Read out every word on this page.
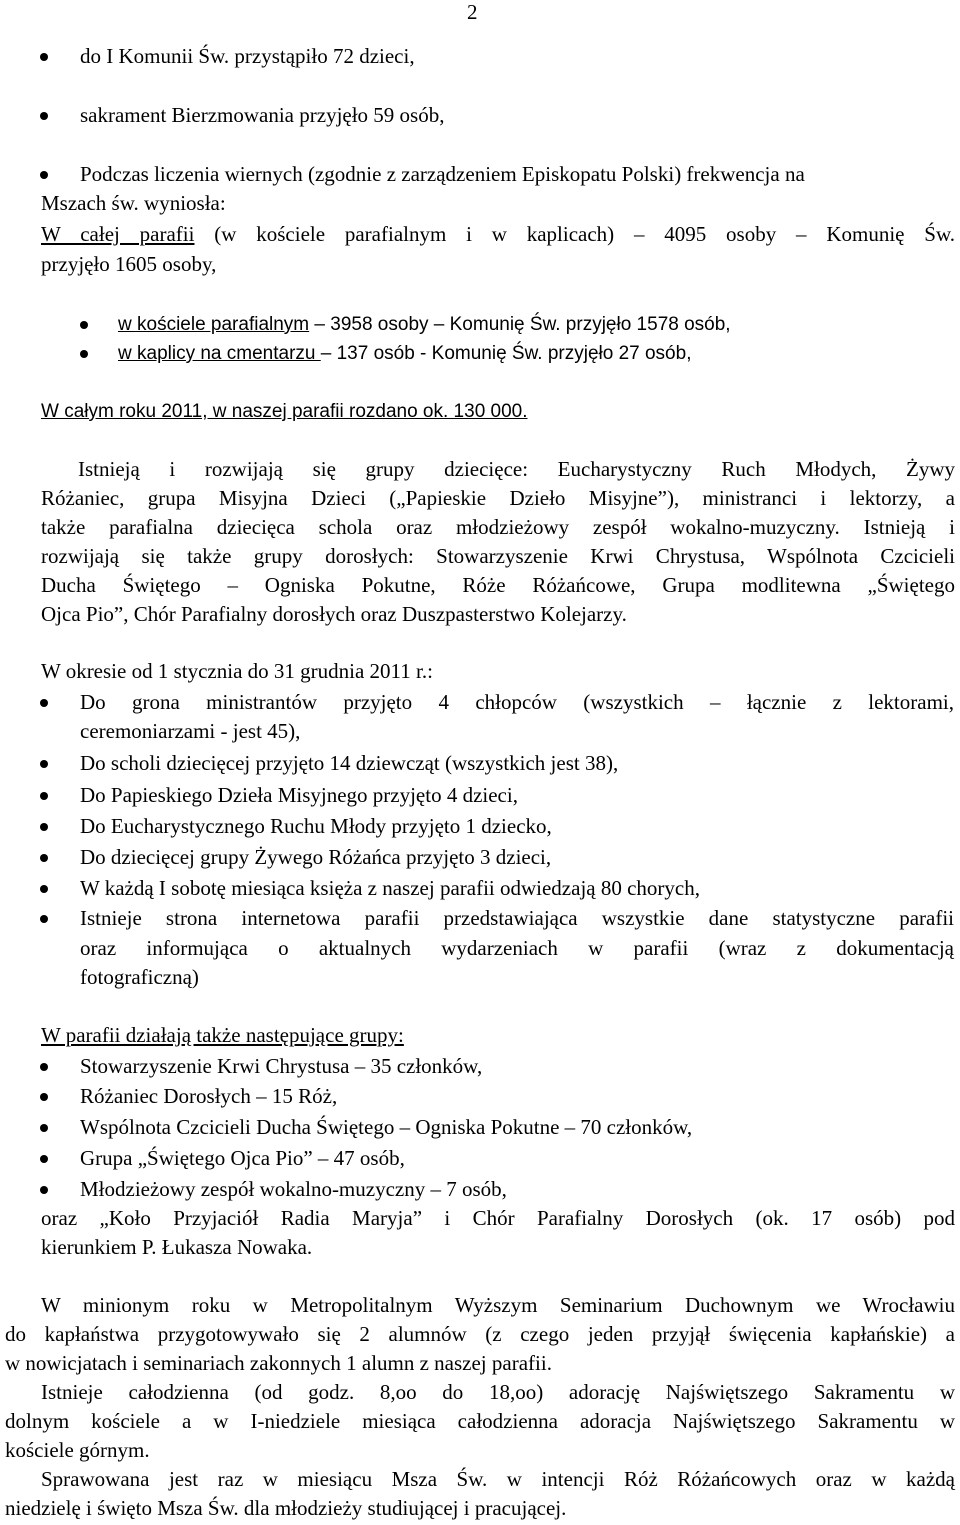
2
do I Komunii Św. przystąpiło 72 dzieci,
sakrament Bierzmowania przyjęło 59 osób,
Podczas liczenia wiernych (zgodnie z zarządzeniem Episkopatu Polski) frekwencja na
Mszach św. wyniosła:
W całej parafii (w kościele parafialnym i w kaplicach) – 4095 osoby – Komunię Św.
przyjęło 1605 osoby,
w kościele parafialnym – 3958 osoby – Komunię Św. przyjęło 1578 osób,
w kaplicy na cmentarzu – 137 osób - Komunię Św. przyjęło 27 osób,
W całym roku 2011, w naszej parafii rozdano ok. 130 000.
Istnieją i rozwijają się grupy dziecięce: Eucharystyczny Ruch Młodych, Żywy
Różaniec, grupa Misyjna Dzieci („Papieskie Dzieło Misyjne”), ministranci i lektorzy, a
także parafialna dziecięca schola oraz młodzieżowy zespół wokalno-muzyczny. Istnieją i
rozwijają się także grupy dorosłych: Stowarzyszenie Krwi Chrystusa, Wspólnota Czcicieli
Ducha Świętego – Ogniska Pokutne, Róże Różańcowe, Grupa modlitewna „Świętego
Ojca Pio”, Chór Parafialny dorosłych oraz Duszpasterstwo Kolejarzy.
W okresie od 1 stycznia do 31 grudnia 2011 r.:
Do grona ministrantów przyjęto 4 chłopców (wszystkich – łącznie z lektorami,
ceremoniarzami - jest 45),
Do scholi dziecięcej przyjęto 14 dziewcząt (wszystkich jest 38),
Do Papieskiego Dzieła Misyjnego przyjęto 4 dzieci,
Do Eucharystycznego Ruchu Młody przyjęto 1 dziecko,
Do dziecięcej grupy Żywego Różańca przyjęto 3 dzieci,
W każdą I sobotę miesiąca księża z naszej parafii odwiedzają 80 chorych,
Istnieje strona internetowa parafii przedstawiająca wszystkie dane statystyczne parafii
oraz informująca o aktualnych wydarzeniach w parafii (wraz z dokumentacją
fotograficzną)
W parafii działają także następujące grupy:
Stowarzyszenie Krwi Chrystusa – 35 członków,
Różaniec Dorosłych – 15 Róż,
Wspólnota Czcicieli Ducha Świętego – Ogniska Pokutne – 70 członków,
Grupa „Świętego Ojca Pio” – 47 osób,
Młodzieżowy zespół wokalno-muzyczny – 7 osób,
oraz „Koło Przyjaciół Radia Maryja” i Chór Parafialny Dorosłych (ok. 17 osób) pod
kierunkiem P. Łukasza Nowaka.
W minionym roku w Metropolitalnym Wyższym Seminarium Duchownym we Wrocławiu
do kapłaństwa przygotowywało się 2 alumnów (z czego jeden przyjął święcenia kapłańskie) a
w nowicjatach i seminariach zakonnych 1 alumn z naszej parafii.
Istnieje całodzienna (od godz. 8,oo do 18,oo) adorację Najświętszego Sakramentu w
dolnym kościele a w I-niedziele miesiąca całodzienna adoracja Najświętszego Sakramentu w
kościele górnym.
Sprawowana jest raz w miesiącu Msza Św. w intencji Róż Różańcowych oraz w każdą
niedzielę i święto Msza Św. dla młodzieży studiującej i pracującej.
